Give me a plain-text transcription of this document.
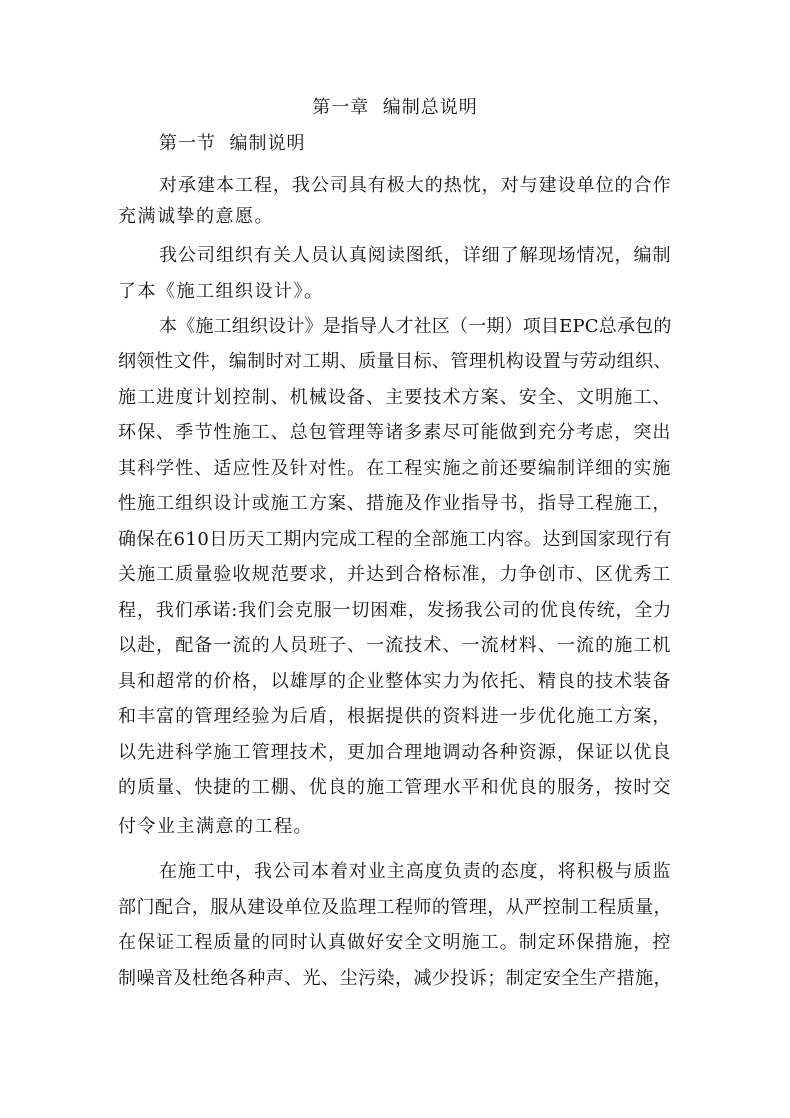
第一章  编制总说明
第一节  编制说明
对承建本工程，我公司具有极大的热忱，对与建设单位的合作
充满诚挚的意愿。
我公司组织有关人员认真阅读图纸，详细了解现场情况，编制
了本《施工组织设计》。
本《施工组织设计》是指导人才社区（一期）项目EPC总承包的
纲领性文件，编制时对工期、质量目标、管理机构设置与劳动组织、
施工进度计划控制、机械设备、主要技术方案、安全、文明施工、
环保、季节性施工、总包管理等诸多素尽可能做到充分考虑，突出
其科学性、适应性及针对性。在工程实施之前还要编制详细的实施
性施工组织设计或施工方案、措施及作业指导书，指导工程施工，
确保在610日历天工期内完成工程的全部施工内容。达到国家现行有
关施工质量验收规范要求，并达到合格标准，力争创市、区优秀工
程，我们承诺:我们会克服一切困难，发扬我公司的优良传统，全力
以赴，配备一流的人员班子、一流技术、一流材料、一流的施工机
具和超常的价格，以雄厚的企业整体实力为依托、精良的技术装备
和丰富的管理经验为后盾，根据提供的资料进一步优化施工方案，
以先进科学施工管理技术，更加合理地调动各种资源，保证以优良
的质量、快捷的工棚、优良的施工管理水平和优良的服务，按时交
付令业主满意的工程。
在施工中，我公司本着对业主高度负责的态度，将积极与质监
部门配合，服从建设单位及监理工程师的管理，从严控制工程质量，
在保证工程质量的同时认真做好安全文明施工。制定环保措施，控
制噪音及杜绝各种声、光、尘污染，减少投诉；制定安全生产措施，
